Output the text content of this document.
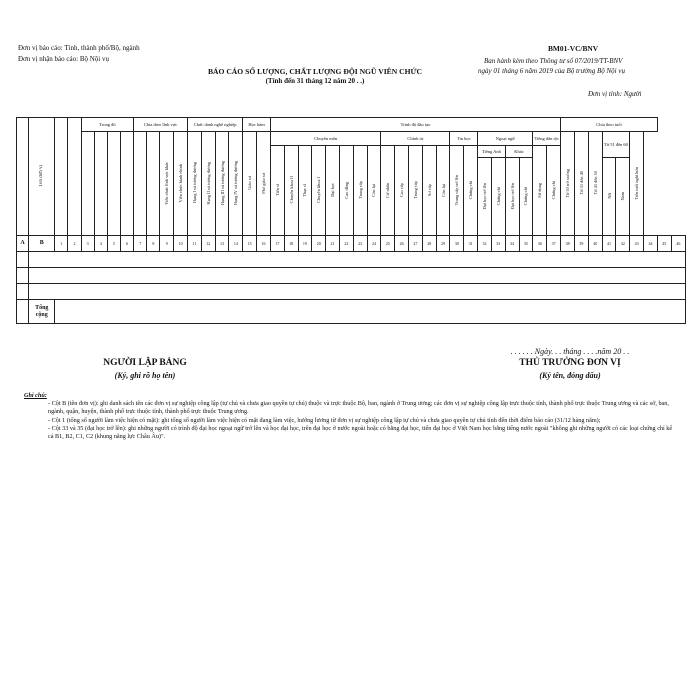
Đơn vị báo cáo: Tỉnh, thành phố/Bộ, ngành
Đơn vị nhận báo cáo: Bộ Nội vụ
BÁO CÁO SỐ LƯỢNG, CHẤT LƯỢNG ĐỘI NGŨ VIÊN CHỨC
(Tính đến 31 tháng 12 năm 20 . .)
BM01-VC/BNV
Ban hành kèm theo Thông tư số 07/2019/TT-BNV
ngày 01 tháng 6 năm 2019 của Bộ trưởng Bộ Nội vụ
Đơn vị tính: Người
	Tên đơn vị			Trong đó				Chia theo lĩnh vực				Chức danh nghề nghiệp				Học hàm		Trình độ đào tạo																					Chia theo tuổi								
										Viên chức lĩnh vực khác	Viên chức hành chính	Hạng I và tương đương	Hạng II và tương đương	Hạng III và tương đương	Hạng IV và tương đương	Giáo sư	Phó giáo sư	Chuyên môn								Chính trị					Tin học		Ngoại ngữ				Tiếng dân tộc		Từ 30 trở xuống	Từ 31 đến 40	Từ 41 đến 50	Từ 51 đến 60		Trên tuổi nghỉ hưu			
																		Tiến sĩ	Chuyên khoa II	Thạc sĩ	Chuyên khoa I	Đại học	Cao đẳng	Trung cấp	Còn lại	Cử nhân	Cao cấp	Trung cấp	Sơ cấp	Còn lại	Trung cấp trở lên	Chứng chỉ	Tiếng Anh		Khác		Sử dụng	Chứng chỉ									
																																	Đại học trở lên	Chứng chỉ	Đại học trở lên	Chứng chỉ						Nữ	Nam				

A	B	1	2	3	4	5	6	7	8	9	10	11	12	13	14	15	16	17	18	19	20	21	22	23	24	25	26	27	28	29	30	31	32	33	34	35	36	37	38	39	40	41	42	43	44	45	46

	Tổng cộng																																														
NGƯỜI LẬP BẢNG
(Ký, ghi rõ họ tên)
. . . . . . Ngày. . . tháng . . . .năm 20 . .
THỦ TRƯỞNG ĐƠN VỊ
(Ký tên, đóng dấu)

Ghi chú:

- Cột B (tên đơn vị): ghi danh sách tên các đơn vị sự nghiệp công lập (tự chủ và chưa giao quyền tự chủ) thuộc và trực thuộc Bộ, ban, ngành ở Trung ương; các đơn vị sự nghiệp công lập trực thuộc tỉnh, thành phố trực thuộc Trung ương và các sở, ban, ngành, quận, huyện, thành phố trực thuộc tỉnh, thành phố trực thuộc Trung ương.

- Cột 1 (tổng số người làm việc hiện có mặt): ghi tổng số người làm việc hiện có mặt đang làm việc, hưởng lương từ đơn vị sự nghiệp công lập tự chủ và chưa giao quyền tự chủ tính đến thời điểm báo cáo (31/12 hàng năm);

- Cột 33 và 35 (đại học trở lên): ghi những người có trình độ đại học ngoại ngữ trở lên và học đại học, trên đại học ở nước ngoài hoặc có bằng đại học, tiến đại học ở Việt Nam học bằng tiếng nước ngoài "không ghi những người có các loại chứng chỉ kể cả B1, B2, C1, C2 (khung năng lực Châu Âu)".
